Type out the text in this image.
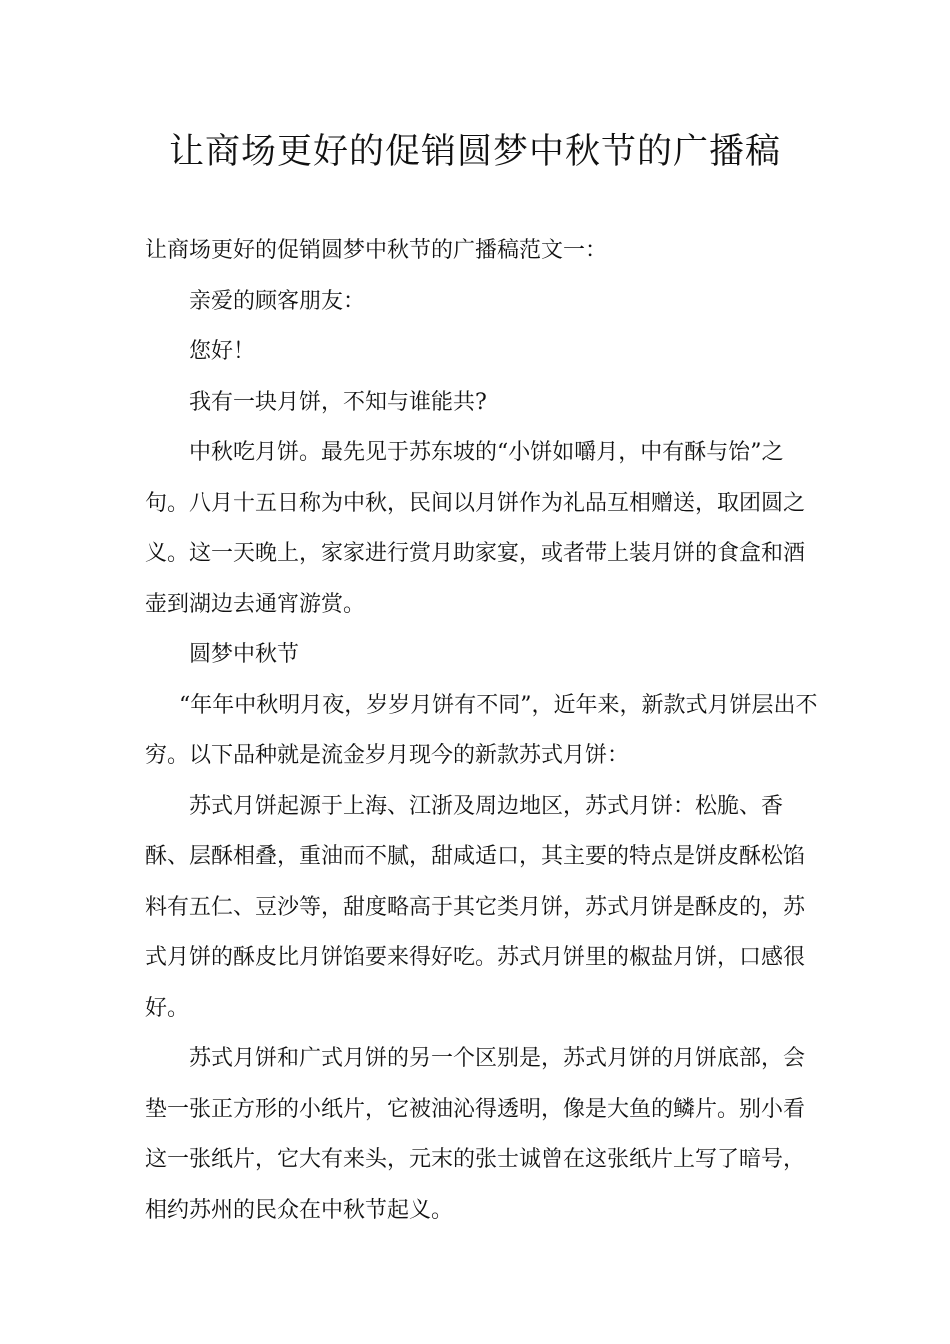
让商场更好的促销圆梦中秋节的广播稿

让商场更好的促销圆梦中秋节的广播稿范文一：

亲爱的顾客朋友：

您好！

我有一块月饼，不知与谁能共?

中秋吃月饼。最先见于苏东坡的“小饼如嚼月，中有酥与饴”之句。八月十五日称为中秋，民间以月饼作为礼品互相赠送，取团圆之义。这一天晚上，家家进行赏月助家宴，或者带上装月饼的食盒和酒壶到湖边去通宵游赏。

圆梦中秋节

“年年中秋明月夜，岁岁月饼有不同”，近年来，新款式月饼层出不穷。以下品种就是流金岁月现今的新款苏式月饼：

苏式月饼起源于上海、江浙及周边地区，苏式月饼：松脆、香酥、层酥相叠，重油而不腻，甜咸适口，其主要的特点是饼皮酥松馅料有五仁、豆沙等，甜度略高于其它类月饼，苏式月饼是酥皮的，苏式月饼的酥皮比月饼馅要来得好吃。苏式月饼里的椒盐月饼，口感很好。

苏式月饼和广式月饼的另一个区别是，苏式月饼的月饼底部，会垫一张正方形的小纸片，它被油沁得透明，像是大鱼的鳞片。别小看这一张纸片，它大有来头，元末的张士诚曾在这张纸片上写了暗号，相约苏州的民众在中秋节起义。
